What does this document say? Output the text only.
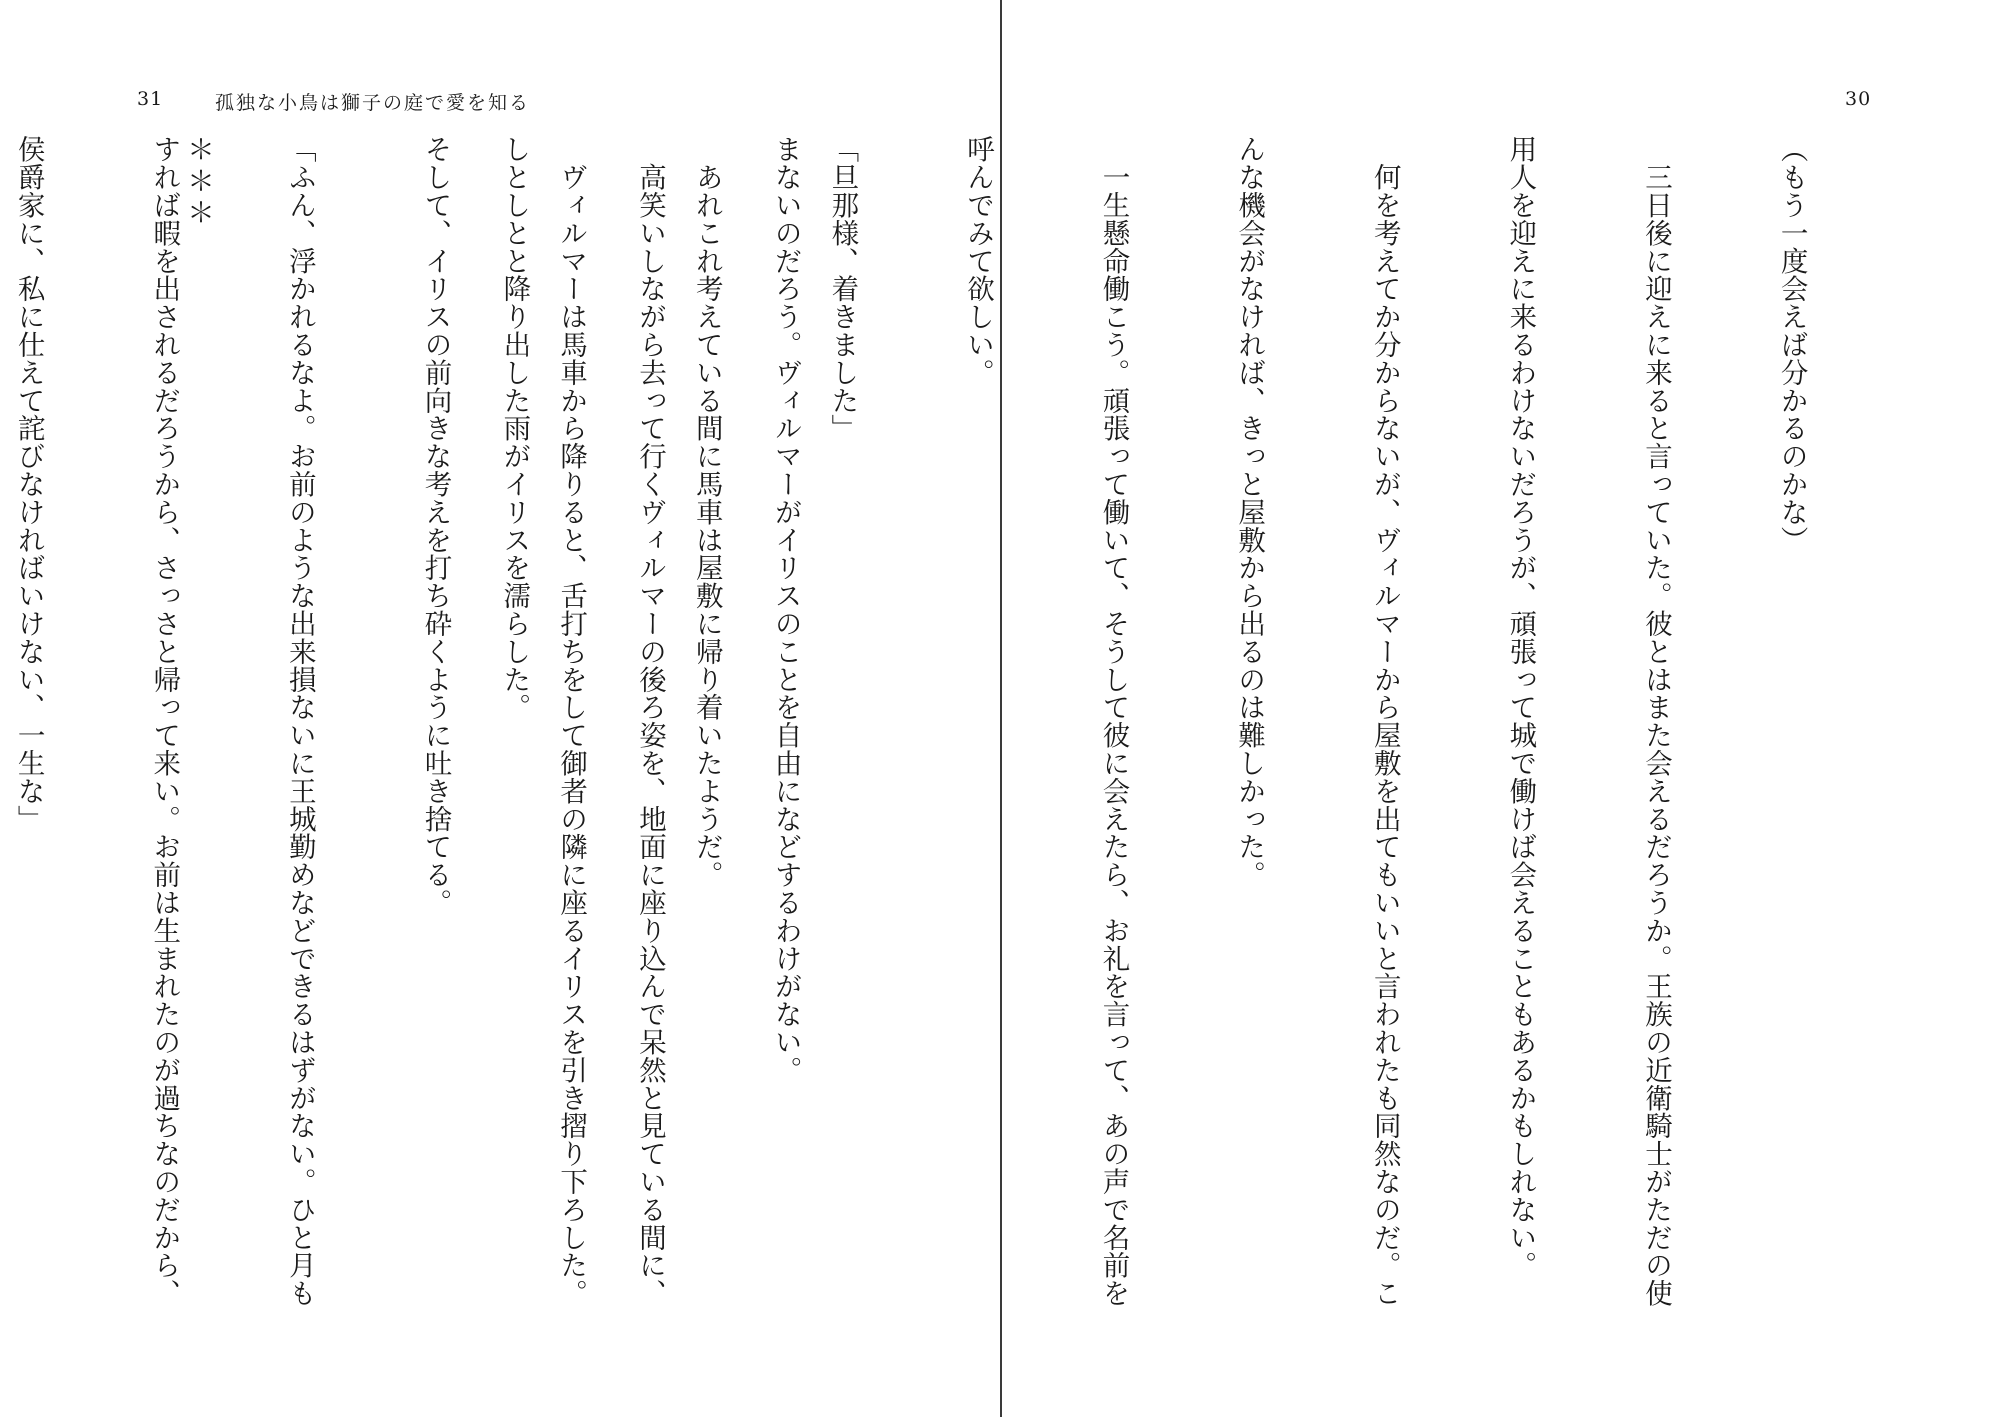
31	孤独な小鳥は獅子の庭で愛を知る

まないのだろう。ヴィルマーがイリスのことを自由になどするわけがない。

　高笑いしながら去って行くヴィルマーの後ろ姿を、地面に座り込んで呆然と見ている間に、

しとしとと降り出した雨がイリスを濡らした。

＊＊＊

30

（もう一度会えば分かるのかな）

　三日後に迎えに来ると言っていた。彼とはまた会えるだろうか。王族の近衛騎士がただの使

用人を迎えに来るわけないだろうが、頑張って城で働けば会えることもあるかもしれない。

　何を考えてか分からないが、ヴィルマーから屋敷を出てもいいと言われたも同然なのだ。こ

んな機会がなければ、きっと屋敷から出るのは難しかった。

　一生懸命働こう。頑張って働いて、そうして彼に会えたら、お礼を言って、あの声で名前を

呼んでみて欲しい。

「旦那様、着きました」

　あれこれ考えている間に馬車は屋敷に帰り着いたようだ。

　ヴィルマーは馬車から降りると、舌打ちをして御者の隣に座るイリスを引き摺り下ろした。

そして、イリスの前向きな考えを打ち砕くように吐き捨てる。

「ふん、浮かれるなよ。お前のような出来損ないに王城勤めなどできるはずがない。ひと月も

すれば暇を出されるだろうから、さっさと帰って来い。お前は生まれたのが過ちなのだから、

侯爵家に、私に仕えて詫びなければいけない、一生な」
